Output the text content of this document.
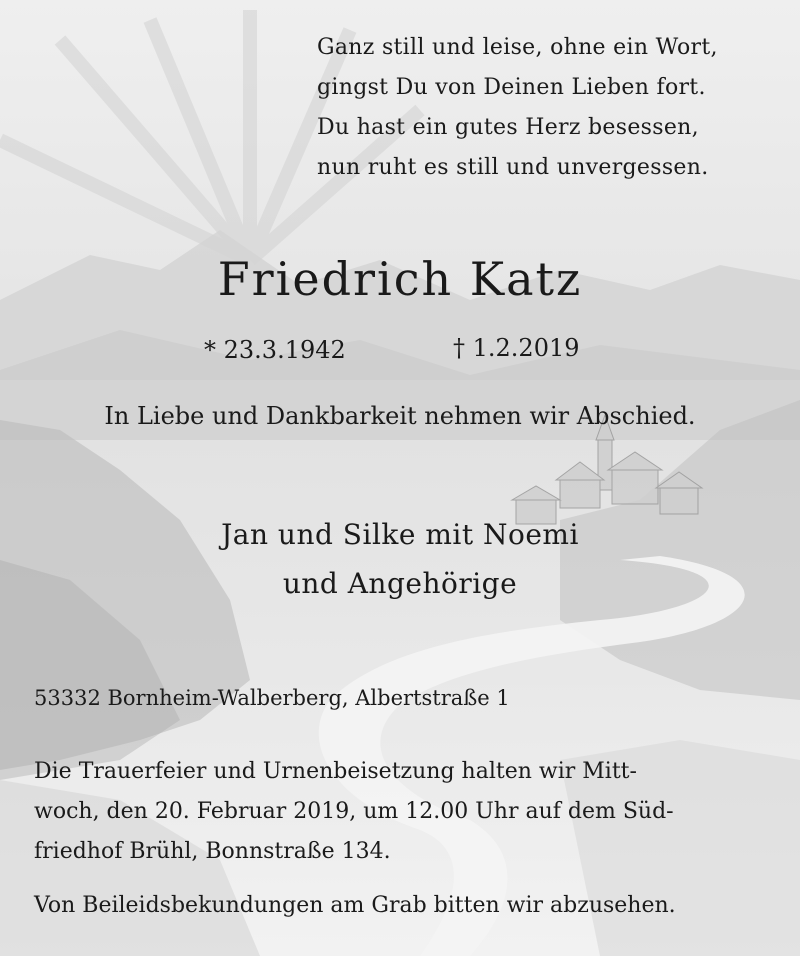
Ganz still und leise, ohne ein Wort,
gingst Du von Deinen Lieben fort.
Du hast ein gutes Herz besessen,
nun ruht es still und unvergessen.
Friedrich Katz
* 23.3.1942	† 1.2.2019
In Liebe und Dankbarkeit nehmen wir Abschied.
Jan und Silke mit Noemi
und Angehörige
53332 Bornheim-Walberberg, Albertstraße 1
Die Trauerfeier und Urnenbeisetzung halten wir Mitt-
woch, den 20. Februar 2019, um 12.00 Uhr auf dem Süd-
friedhof Brühl, Bonnstraße 134.
Von Beileidsbekundungen am Grab bitten wir abzusehen.
